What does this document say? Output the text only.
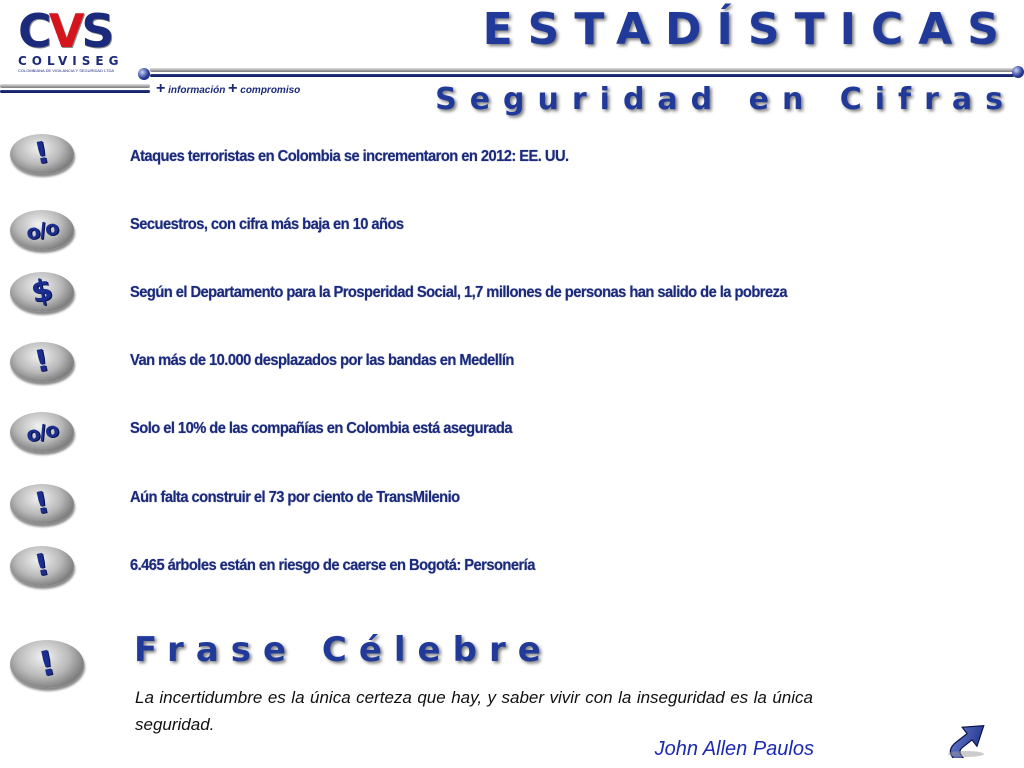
CVS
COLVISEG
COLOMBIANA DE VIGILANCIA Y SEGURIDAD LTDA
+ información + compromiso
ESTADÍSTICAS
Seguridad en Cifras
!	Ataques terroristas en Colombia se incrementaron en 2012: EE. UU.
o/o	Secuestros, con cifra más baja en 10 años
$	Según el Departamento para la Prosperidad Social, 1,7 millones de personas han salido de la pobreza
!	Van más de 10.000 desplazados por las bandas en Medellín
o/o	Solo el 10% de las compañías en Colombia está asegurada
!	Aún falta construir el 73 por ciento de TransMilenio
!	6.465 árboles están en riesgo de caerse en Bogotá: Personería
!	Frase Célebre
La incertidumbre es la única certeza que hay, y saber vivir con la inseguridad es la única seguridad.
John Allen Paulos
